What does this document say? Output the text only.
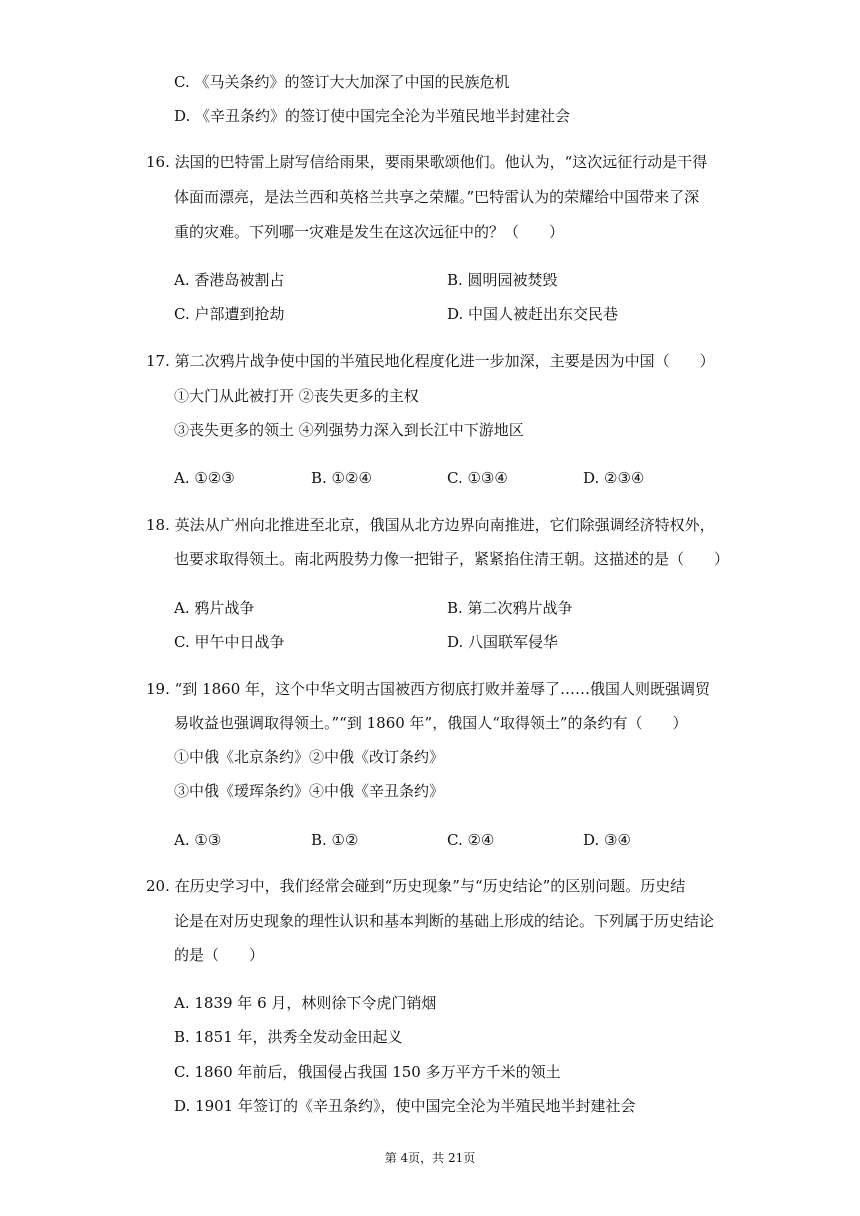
C. 《马关条约》的签订大大加深了中国的民族危机
D. 《辛丑条约》的签订使中国完全沦为半殖民地半封建社会
16. 法国的巴特雷上尉写信给雨果，要雨果歌颂他们。他认为，“这次远征行动是干得
体面而漂亮，是法兰西和英格兰共享之荣耀。”巴特雷认为的荣耀给中国带来了深
重的灾难。下列哪一灾难是发生在这次远征中的？（　　）
A. 香港岛被割占	B. 圆明园被焚毁
C. 户部遭到抢劫	D. 中国人被赶出东交民巷
17. 第二次鸦片战争使中国的半殖民地化程度化进一步加深，主要是因为中国（　　）
①大门从此被打开 ②丧失更多的主权
③丧失更多的领土 ④列强势力深入到长江中下游地区
A. ①②③	B. ①②④	C. ①③④	D. ②③④
18. 英法从广州向北推进至北京，俄国从北方边界向南推进，它们除强调经济特权外，
也要求取得领土。南北两股势力像一把钳子，紧紧掐住清王朝。这描述的是（　　）
A. 鸦片战争	B. 第二次鸦片战争
C. 甲午中日战争	D. 八国联军侵华
19. “到 1860 年，这个中华文明古国被西方彻底打败并羞辱了……俄国人则既强调贸
易收益也强调取得领土。”“到 1860 年”，俄国人“取得领土”的条约有（　　）
①中俄《北京条约》②中俄《改订条约》
③中俄《瑷珲条约》④中俄《辛丑条约》
A. ①③	B. ①②	C. ②④	D. ③④
20. 在历史学习中，我们经常会碰到“历史现象”与“历史结论”的区别问题。历史结
论是在对历史现象的理性认识和基本判断的基础上形成的结论。下列属于历史结论
的是（　　）
A. 1839 年 6 月，林则徐下令虎门销烟
B. 1851 年，洪秀全发动金田起义
C. 1860 年前后，俄国侵占我国 150 多万平方千米的领土
D. 1901 年签订的《辛丑条约》，使中国完全沦为半殖民地半封建社会
第 4页，共 21页
